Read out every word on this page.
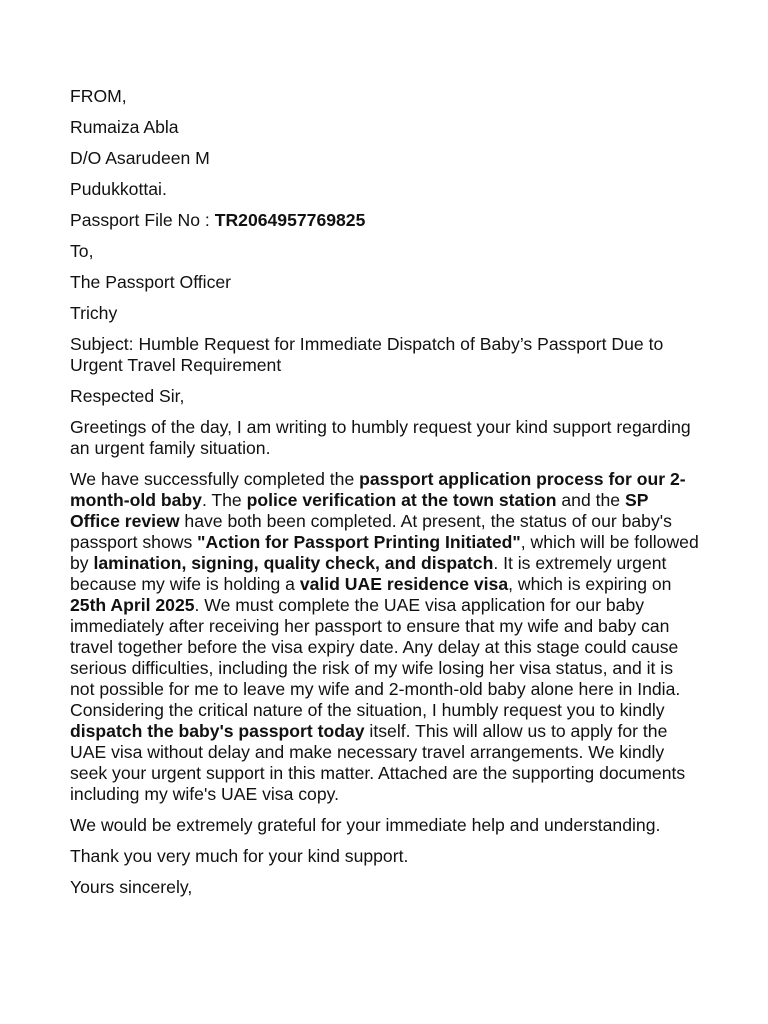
FROM,
Rumaiza Abla
D/O Asarudeen M
Pudukkottai.
Passport File No : TR2064957769825
To,
The Passport Officer
Trichy
Subject: Humble Request for Immediate Dispatch of Baby’s Passport Due to Urgent Travel Requirement
Respected Sir,
Greetings of the day, I am writing to humbly request your kind support regarding an urgent family situation.
We have successfully completed the passport application process for our 2-month-old baby. The police verification at the town station and the SP Office review have both been completed. At present, the status of our baby's passport shows "Action for Passport Printing Initiated", which will be followed by lamination, signing, quality check, and dispatch. It is extremely urgent because my wife is holding a valid UAE residence visa, which is expiring on 25th April 2025. We must complete the UAE visa application for our baby immediately after receiving her passport to ensure that my wife and baby can travel together before the visa expiry date. Any delay at this stage could cause serious difficulties, including the risk of my wife losing her visa status, and it is not possible for me to leave my wife and 2-month-old baby alone here in India. Considering the critical nature of the situation, I humbly request you to kindly dispatch the baby's passport today itself. This will allow us to apply for the UAE visa without delay and make necessary travel arrangements. We kindly seek your urgent support in this matter. Attached are the supporting documents including my wife's UAE visa copy.
We would be extremely grateful for your immediate help and understanding.
Thank you very much for your kind support.
Yours sincerely,
